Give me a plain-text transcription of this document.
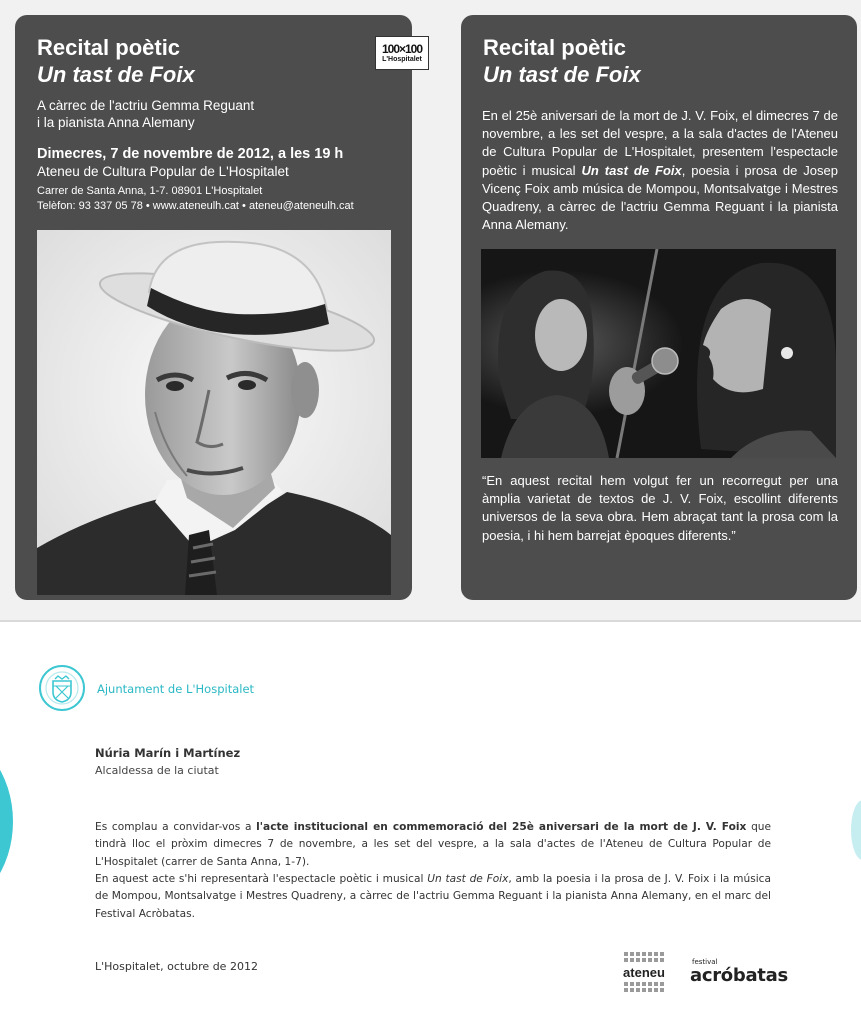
Recital poètic
Un tast de Foix
100×100
L'Hospitalet
A càrrec de l'actriu Gemma Reguant
i la pianista Anna Alemany
Dimecres, 7 de novembre de 2012, a les 19 h
Ateneu de Cultura Popular de L'Hospitalet
Carrer de Santa Anna, 1-7. 08901 L'Hospitalet
Telèfon: 93 337 05 78 • www.ateneulh.cat • ateneu@ateneulh.cat
Recital poètic
Un tast de Foix

En el 25è aniversari de la mort de J. V. Foix, el dimecres 7 de novembre, a les set del vespre, a la sala d'actes de l'Ateneu de Cultura Popular de L'Hospitalet, presentem l'espectacle poètic i musical Un tast de Foix, poesia i prosa de Josep Vicenç Foix amb música de Mompou, Montsalvatge i Mestres Quadreny, a càrrec de l'actriu Gemma Reguant i la pianista Anna Alemany.

“En aquest recital hem volgut fer un recorregut per una àmplia varietat de textos de J. V. Foix, escollint diferents universos de la seva obra. Hem abraçat tant la prosa com la poesia, i hi hem barrejat èpoques diferents.”

Ajuntament de L'Hospitalet
Núria Marín i Martínez
Alcaldessa de la ciutat

Es complau a convidar-vos a l'acte institucional en commemoració del 25è aniversari de la mort de J. V. Foix que tindrà lloc el pròxim dimecres 7 de novembre, a les set del vespre, a la sala d'actes de l'Ateneu de Cultura Popular de L'Hospitalet (carrer de Santa Anna, 1-7).

En aquest acte s'hi representarà l'espectacle poètic i musical Un tast de Foix, amb la poesia i la prosa de J. V. Foix i la música de Mompou, Montsalvatge i Mestres Quadreny, a càrrec de l'actriu Gemma Reguant i la pianista Anna Alemany, en el marc del Festival Acròbatas.

L'Hospitalet, octubre de 2012	ateneu
festival
acróbatas
